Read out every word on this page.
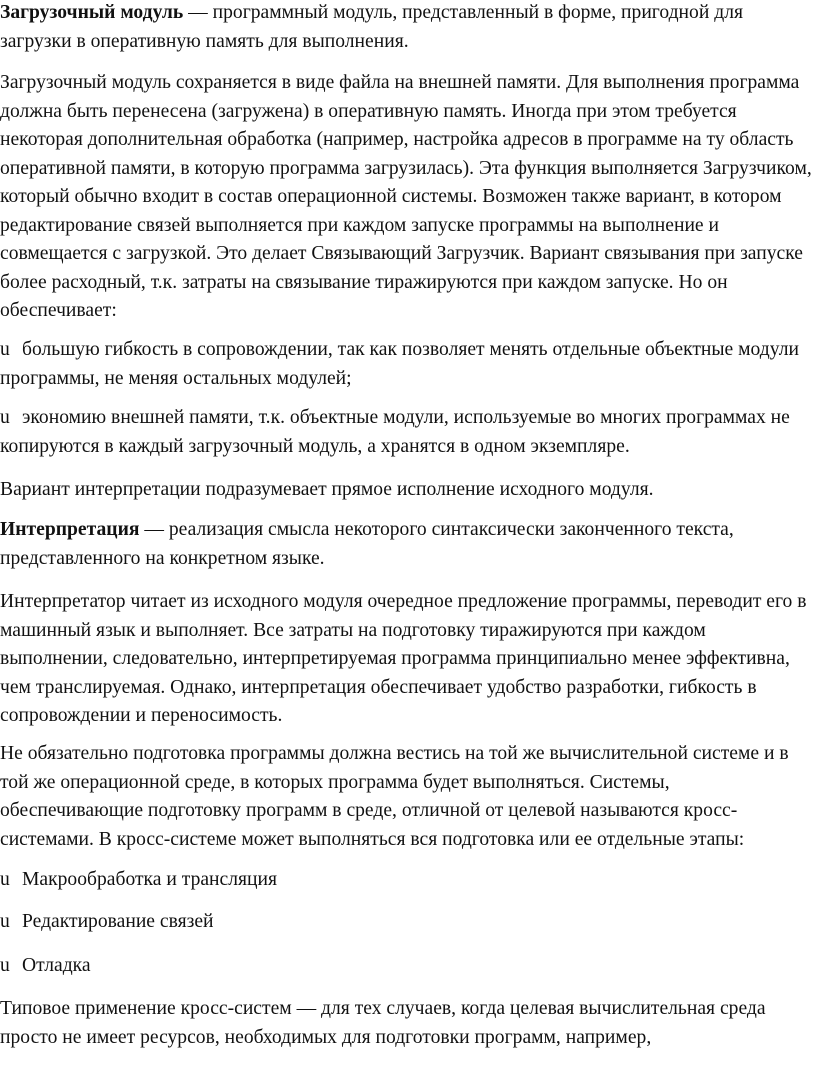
Загрузочный модуль — программный модуль, представленный в форме, пригодной для загрузки в оперативную память для выполнения.

Загрузочный модуль сохраняется в виде файла на внешней памяти. Для выполнения программа должна быть перенесена (загружена) в оперативную память. Иногда при этом требуется некоторая дополнительная обработка (например, настройка адресов в программе на ту область оперативной памяти, в которую программа загрузилась). Эта функция выполняется Загрузчиком, который обычно входит в состав операционной системы. Возможен также вариант, в котором редактирование связей выполняется при каждом запуске программы на выполнение и совмещается с загрузкой. Это делает Связывающий Загрузчик. Вариант связывания при запуске более расходный, т.к. затраты на связывание тиражируются при каждом запуске. Но он обеспечивает:

u большую гибкость в сопровождении, так как позволяет менять отдельные объектные модули программы, не меняя остальных модулей;

u экономию внешней памяти, т.к. объектные модули, используемые во многих программах не копируются в каждый загрузочный модуль, а хранятся в одном экземпляре.

Вариант интерпретации подразумевает прямое исполнение исходного модуля.

Интерпретация — реализация смысла некоторого синтаксически законченного текста, представленного на конкретном языке.

Интерпретатор читает из исходного модуля очередное предложение программы, переводит его в машинный язык и выполняет. Все затраты на подготовку тиражируются при каждом выполнении, следовательно, интерпретируемая программа принципиально менее эффективна, чем транслируемая. Однако, интерпретация обеспечивает удобство разработки, гибкость в сопровождении и переносимость.

Не обязательно подготовка программы должна вестись на той же вычислительной системе и в той же операционной среде, в которых программа будет выполняться. Системы, обеспечивающие подготовку программ в среде, отличной от целевой называются кросс-системами. В кросс-системе может выполняться вся подготовка или ее отдельные этапы:

u Макрообработка и трансляция

u Редактирование связей

u Отладка

Типовое применение кросс-систем — для тех случаев, когда целевая вычислительная среда просто не имеет ресурсов, необходимых для подготовки программ, например,
